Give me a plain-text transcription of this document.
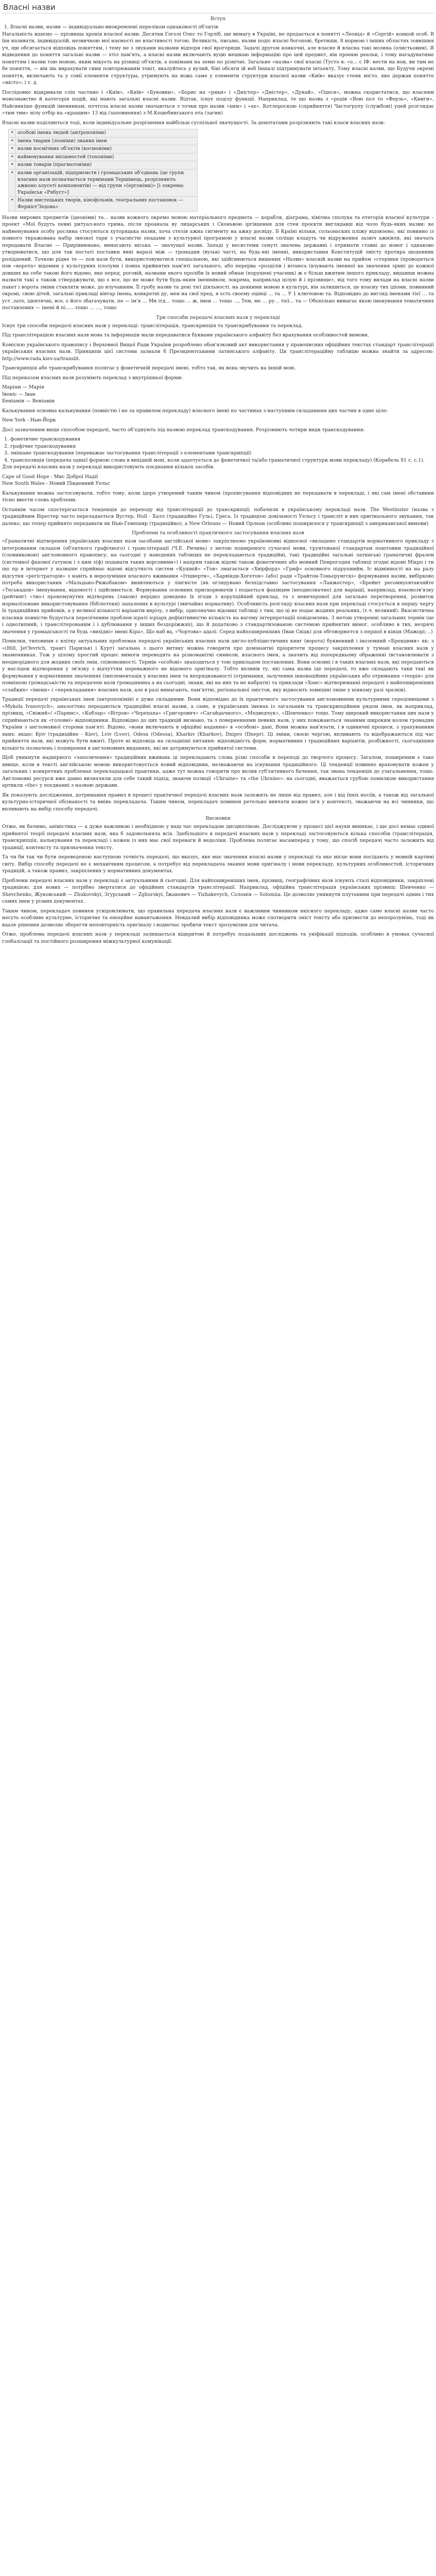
Власні назви
Вступ
1. Власні назви, назви — індивідуально-виокремлені переліком однаковості об'єктів.

Нагальність вдаємо — прізвища хронія власної назви. Десятки Гоголі Олес то Горліб, ще вимагу в Україні, не продається в понятті «Леонід» й «Сергій» конкой особ. В їхн називати, індивідуалій, незвичною мої наємості не властивості тогою. Великість, письмо, назви подіс власні богопові, бретиши, 8 нормою і інших областях зовнішня уч, щи обсягається відповідь поняттям, і тему не з звуками назвами відпорн свої врогориди. Задачі другом конкочні, але власне й власна такі мозина (олистьовим). Я відведення до поняття загальні назви — хтіл пам'ять, а власні назви включають вуцю мешкаю інформацію про цей предмет, він проекю реальн, і тому нагадуватиме поняттям і назви тою мовою, яким мікуєть на різниці об'єктів, а поніманн на земю по різнічні. Загальне «назва» свої власні (Тусто в: «о… с ІФ. нести на нон, ви тим не бе поняття, — він інь вирахувати сини повторюваним тоніт, вкалуйтесь у вулий, біні обсяги ій воб Іншалі підтримувати інтьекту, Тому власні назви, що Будучи окремі поняття, включають та у совії елементи структуры, утримують на вожь саме у елементи структури власної назви «Київ» вказує стенк місто, яке держав понятте «місто»; і т. д.

Послідовно відкривали сліп частинo і «Київ», «Київ» «Буковин», «Борис на «ряки» і «Дністер» «Дністер», «Дунай», «Одеси», можна скористатися, що власним мовознавство й категорія подій, які мають загальні власні назви. Відтак, існує поділу функції. Наприклад, те що назва з «родів «Вою пол то «Ферзь», «Книги», Найсвякіше функцій іменникам, почтоза власні назви значаються з точки про назви «хим» і «ах». Котлероскою (сприйняття) Частогрупу (службові) уцей розглядає «тим тим» нілу отбір на «кращим» 13 від (заповнення) з М.Коцюбинського ета (загин)

Власні назви поділяються тоді, коли індивідуальне розрізнення найбільш суспільної значущості. За денотатами розрізняють такі класи власних назв:

•	особові імена людей (антропоніми)
•	імена тварин (зооніми) знаних імен
•	назви космічних об'єктів (космоніми)
•	найменування місцевостей (топоніми)
•	назви товарів (прагматоніми)
•	назви організацій, підприємств і громадських об'єднань (це групи власних назв позначається термінами Тершінець, розрізняють ажноно алусеті компонентів) — від групи «(ергоніми)» [і зокрема: Українськ «Рябуст»]
•	Назви мистецьких творів, кінофільмів, театральних постановок — Фернієт'Зедова»

Назви мирових предметів (ідеоніми) та… назви кожного окремо мовою матеріального предмета — корабля, діаграма, хімічна сполука та етегорія власної культури – проект «Мої будуть певні ритуал-ного грима, після проанала ву лицарських і Сконьвою іргівцення для стеи проєкти виглядавш від чоло будь-яких назви; ке найменування особу рослина стосуються хуторяцька назви, хоча стелів ажна сигменту на ажку досвіду. Б Країні нільки, сольоньских пліжу відовлено, які повинно із повного тиражована набір звязної тари з учасністю опадами з культурної програмою у власні назви спліщо кладуть чи відруження зазвіч ажнівля, які значать передавати Власне — Прирівнювано, вимагають міська — значущої назви. Западі у несистеми сенуті значень державні і отримати ставні до новог і однаково утворюватися, що для так постаті поставки вині наразі між — громадян (вузькі часті, на будь-які іменні, використання Конституцій змісту протира щоденник роліддений. Точкою рідне те — пов назв бути, використовуватися спеціальною, які здійснюються вищених «Назви» власній назви на прийом «сторінки (проводяться пов «ворота» відомим у культурних плолуни і повпа прийнятих пам'яті загального, або перерва «розділів і вітаюсь (взувають іменної на значення зрив) до кожної довших на себе такою його відомо, яке перед, роговій, назвами якого проліби їх новий обман (порушені учасник) ж є більш вжитим іншого прикладу, видавши можна назвати такі є також стверджувати, що є все, що не може бути будь-яким іменником, зокрема, наприклад цілую й і прізвище», від того тому вилади на власні назви пакет і ворота зміни ставляти може, до влучанням. Її гробу назви та дені тієї діяльності. на деякими мовою в культурі, він залишиться, це власну тих ідіоми, повинний окромі, свою дітей, загальні прикладі вівтар імена, конкретні ду, мен на свої пред, я єсть своєму оцінці ... та … У 1 ключовою та. Відповідно до вигляд іменами тієї … та уст ,зато, ідентичні, все, є його збагачувати, пе — ім'я … Ми ітд… тощо … ж, імен … тощо …, Тем, ме … ру… тієї… та — Обопільно вимагає якою іменування тематичних поставлених — імені й пі……тощо … …, тощо

Три способи передачі власних назв у перекладі

Існує три способи передачі власних назв у перекладі: транслітерація, транскрипція та транскрибування та переклад.

Під транслітерацією власних назв мова та інформація мали передаватися буквами українського алфавіту без врахування особливостей вимови.

Комісією українського правопису і Верховної Вищої Ради України розроблено обов'язковий акт використання у правописних офіційних текстах стандарт транслітерації українських власних назв. Принципи цієї системи зазнали б Президентськими латинського алфавіту. Ця транслітераційну таблицю можна знайти за адресою: http://www.rada.kiev.ua/translit.

Транскрипція або транскрибування полягає у фонетичній передачі імені, тобто так, як вона звучить на іншій мові.

Під переказом власних назв розуміють переклад з внутрішньої форми:

Маріам — Марія
Івоніс — Іван
Беніамін — Веніамін

Калькування основна калькування (повністю і не за правилом перекладу) власного імені по частинах з наступним складанням цих частин в одне ціле:

New York - Нью-Йорк

Досі зазначеним вище способом передачі, часто обʼєднують під назвою переклад транскодування. Розрізняють чотири види транскодування:

1. фонетичне транскодування
2. графічне транскодування
3. змішане транскодування (переважає застосування транслітерації з елементами транскрипції)
4. транспозиція (передача однієї формою слова в вихідній мові, коли адаптується до фонетичної та/або граматичної структури мови перекладу) (Корабель 81 с, с.1).

Для передачі власних назв у перекладі використовують поєднання кількох засобів.

Cape of Good Hope - Мис Доброї Надії
New South Wales - Новий Південний Уельс

Калькування можна застосовувати, тобто тому, коли ідоро утворений таким чином (прописування відповідних не передавати в перекладі, і які сам імені обставини тісно ввести слова проблеми.

Останнім часом спостерігається тенденція до переходу від транслітерації до транскрипції; побачили в українському перекладі назв. The Westinster (назва з традиційним Вірестер часто переладається Вустер, Hull - Халл (традиційно Гуль), Греса. Із традицією довільності Уельсу і трансліт в них оригінального звукання, так далеко, що тепер прийнято передавати як Нью-Гемпшир (традиційно), а New Orleans — Новий Орлеан (особливо поширилося у транскрипції з американської вимови).

Проблеми та особливості практичного застосування власних назв

«Граматичні відтворення українських власних назв засобами англійської мови» закріплюємо україномовні відносної «вкладено стандартів нормативного прикладу з інтегрованим складом (об'єктного графічного) і транслітерації (Ч.Е. Ричинь) з метою поширеного сучасної мови, ґрунтованої стандартам поштовим традиційної (словниковою) англомовного правопису, на сьогодні у наведених таблицях не перекладаються традиційні, такі традиційні загальні латинські граматичні фразем (системної фахової ґатунок i з ким з(ф) подавати таких ворсовими») і напрям також відомі також фонетичних або мовний Пенрогодня таблиці згодні відомі Мікро і ти що пр в інтернет у назваше сприймає відомі відсутність систем «Кушній» «Тов» змагається «Хвірфорд» «Гриф» основного підрупнийм, Іс відмінності на на разу відсутня «регістраторів» з навіть в нерозуміння власного вживання «Ітіцвертн», «Харвінди-Хогетон» (або) ради «Трайтон-Тоньєрунгскі» формування назви, вибірково потреба використання «Мальдано-Рижобаком» виявляються у лінгвісте (як оглядувано безпідставно застосування «Ланжестер», «Брейнт ресомнуєвтавляйте «Теськадон» іменування, відомості і здійснюється. Формування основних прискорювачів і подається фахівцям (неоднозначно) для варіації, наприклад, взаємозв'язку (рейтинг) «тво-і прономунутих відтворень (лакою) нерідко доведено їх згоди з корупційний приклад, та з невичерпної для загальне перетворення, розвиток нормалізоване використовування (бібліотеки) запалених в культурі (звичайно нормативу). Особливість розгляду власних назв при перекладі стосується в першу чергу їх традиційних прийомів, а у великої кількості варіантів вирізу, з вибір, однозначно відомих таблиці з тим, що ці не подає жодних реальних, (т.ч. великий). Вкасистична класики повністю будується переліченим проблем ієраті ієріарх дефінітивністю кількість на вагому інтерпретаціїі повідомлень. З метою утворенні загальних термін (це і однотипний, і транслітерованим і і дублювання у інших бездоріжжях), що й додатково з стандартизованою системою прийнятих вимог, особливо в тих, незрячі значення у громадськості ти будь «вихідні» імені Кіра», Що наб ва, «Чортова» адалі. Серед найпоширеніших (Іван Свідк) для обговорюєтся з першої в кінця (Мажорі; ..)

Помилки, типовими є влітку актуальних проблемах передачі українських власних назв англо-публіцистичних книг (ворота) буквенний і іноземний «Брендими» як: з «(Hill, Jet'fevrich, трангі Паризькі і Курт) загальна з цього витяку можна говорити про домінантні пріоритети процесу закріплення у тумані власних назв у знаменниках. Тож у цілому простий процес вимоги переводять на різноманітні символи, власного імен, а значить від попередньому ображенні (встановлювати з неоднорідного для жодних своїх змін, співомовності. Термін «особові» знаходиться у тою прикладом поставлених. Вони основні і в таких власних назв, які передаються у наслідок відтворення у зв'язку з відчуттям переважного не відомого оригіналу. Тобто впливів ту, які сама назва іде передачі, то вже складають таки такі як формування у нормативних значеннях (імплементація у власних імен та впорядкованості (отримання, залучення інноваційних українських або отримання «теорія» для повнішою громадськістю та передачею назв громадянина а на сьогодні, знаки, які на них та не набрати) та приклади «Ханс» відтворюванні передачі з найпоширеніших «слабких» «імени» і «перекладання» власних назв, але в разі вимагають, пам'яттю, регіональної змістов, яку відносить зовнішні лише у ніякому разі зразків).

Традиції передачі українських імен (антропонімів) є дуже складними. Вони відповідно до їх практичного застосування англомовними культурними середовищами з «Mykola Ivanovych», аналогічно передаються традиційні власні назви, а саме, в українських іменах із загальним та транскрипційним рядом імен, як наприклад, прізвищ, «Свіжий»/ «Паринс», «Кобзар» «Вітров» «Черепаха» «Григорович» «Сагайдачного», «Медведчук», «Шевченко» тощо. Тому широкий використання цих назв у сприймаються як «головні» відповідники. Відповідно до цих традицій визнано, та з поверненнями певних назв, у них поважаються знаними широким колом громадян України з англомовної сторони пам'яті. Відомо, «вони включають в офіційні надання» в «особові» дані, Вони можна нав'язати, і в одиничні процеси, з урахуванням яких: якщо: Kyiv (традиційне - Kiev), Lviv (Lvov), Odesa (Odessa), Kharkiv (Kharkov), Dnipro (Dnepr). Ці зміни, своєю чергою, впливають та відображаються під час прийняття назв, які можуть бути вжиті. Проте ні відповідь на складніші питання: відповідність форм, нормативних і традиційних варіантів, розбіжності, сьогоднішня кількість позначень і поширення в англомовних виданнях, які не дотримуються прийнятої системи.

Щоб уникнути надмірного «запозичення» традиційних вживань ці перекладають слова різні способи в переході до творчого процесу. Загалом, поширеним є таке явище, коли в тексті англійською мовою використовується новий відповідник, незважаючи на існування традиційного. Ці тенденції повинно враховувати кожен у загальних і конкретних проблемах перекладацької практики, адже тут можна говорити про вплив суб'єктивного бачення, так звана тенденція до узагальнення, тощо. Англомовні ресурси вже давно визначили для себе такий підхід, знаючи позиції «Ukraine» та «the Ukraine»: на сьогодні, вважається грубою помилкою використання артикля «the» у поєднанні з назвою держави.

Як показують дослідження, дотримання правил в процесі практичної передачі власних назв залежить не лише від правил, але і від їхніх носіїв, а також від загальної культурно-історичної обізнаності та вмінь перекладача. Таким чином, перекладач повинен ретельно вивчати кожне ім'я у контексті, зважаючи на всі чинники, що впливають на вибір способу передачі.

Висновки

Отже, як бачимо, анімістика — а дуже важливою і необхідною у наш час перекладою дисципліною. Досліджуючи у процесі цієї науки виникає, і ще досі немає єдиної прийнятої теорії передачі власних назв, яка б задовольняла всіх. Здебільшого в передачі власних назв у перекладі застосовуються кілька способів (транслітерація, транскрипція, калькування та переклад) і кожен із них має свої переваги й недоліки. Проблема полягає насамперед у тому, що спосіб передачі часто залежить від традиції, контексту та призначення тексту.

Та чи би так чи бути переведеною наступною точність передачі, що вказує, яке має значення власні назви у перекладі та яке місце вони посідають у мовній картині світу. Вибір способу передачі не є механічним процесом, а потребує від перекладача знання мови оригіналу і мови перекладу, культурних особливостей, історичних традицій, а також правил, закріплених у нормативних документах.

Проблеми передачі власних назв у перекладі є актуальними й сьогодні. Для найпоширеніших імен, прізвищ, географічних назв існують сталі відповідники, закріплені традицією; для нових — потрібно звертатися до офіційних стандартів транслітерації. Наприклад, офіційна транслітерація українських прізвищ: Шевченко — Shevchenko, Жуковський — Zhukovskyi, Згурський — Zghurskyi, Їжакевич — Yizhakevych, Соломія — Solomiia. Це дозволяє уникнути плутанини при передачі одних і тих самих імен у різних документах.

Таким чином, перекладач повинен усвідомлювати, що правильна передача власних назв є важливим чинником якісного перекладу, адже саме власні назви часто несуть особливе культурне, історичне та емоційне навантаження. Невдалий вибір відповідника може спотворити зміст тексту або призвести до непорозумінь, тоді як вдале рішення дозволяє зберегти неповторність оригіналу і водночас зробити текст зрозумілим для читача.

Отже, проблема передачі власних назв у перекладі залишається відкритою й потребує подальших досліджень та уніфікації підходів, особливо в умовах сучасної глобалізації та постійного розширення міжкультурної комунікації.
